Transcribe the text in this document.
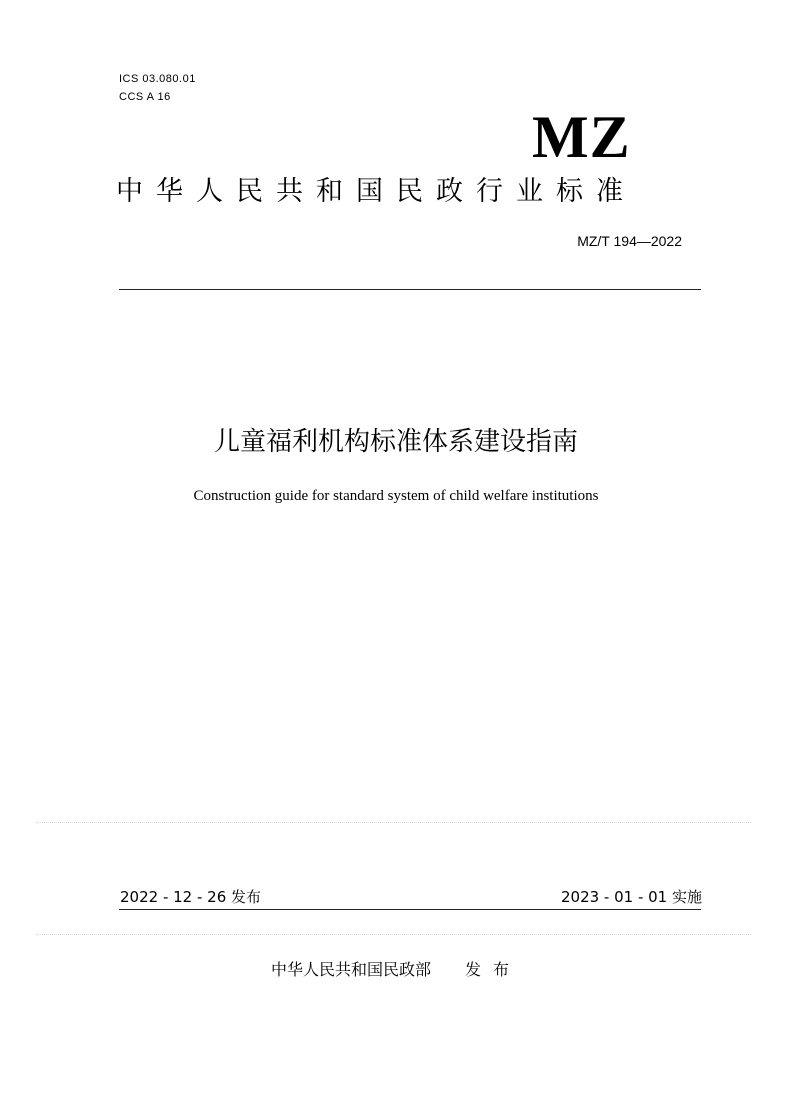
ICS 03.080.01
CCS A 16
MZ
中华人民共和国民政行业标准
MZ/T 194—2022
儿童福利机构标准体系建设指南
Construction guide for standard system of child welfare institutions
2022 - 12 - 26 发布	2023 - 01 - 01 实施
中华人民共和国民政部 发布
